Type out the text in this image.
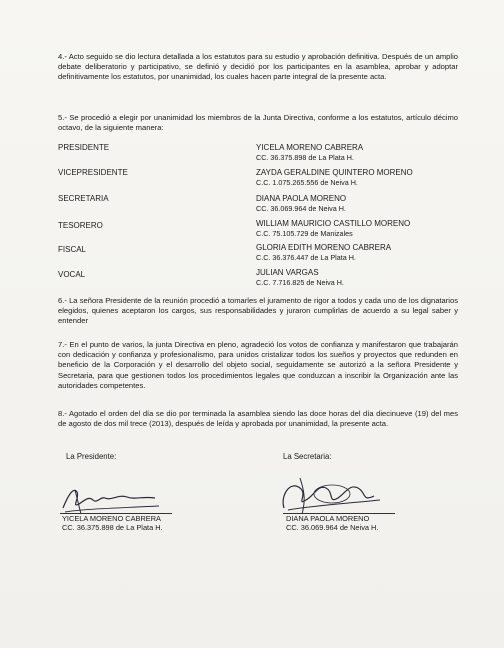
4.- Acto seguido se dio lectura detallada a los estatutos para su estudio y aprobación definitiva. Después de un amplio debate deliberatorio y participativo, se definió y decidió por los participantes en la asamblea, aprobar y adoptar definitivamente los estatutos, por unanimidad, los cuales hacen parte integral de la presente acta.

5.- Se procedió a elegir por unanimidad los miembros de la Junta Directiva, conforme a los estatutos, artículo décimo octavo, de la siguiente manera:

PRESIDENTE	YICELA MORENO CABRERA
CC. 36.375.898 de La Plata H.
VICEPRESIDENTE	ZAYDA GERALDINE QUINTERO MORENO
C.C. 1.075.265.556 de Neiva H.
SECRETARIA	DIANA PAOLA MORENO
CC. 36.069.964 de Neiva H.
TESORERO	WILLIAM MAURICIO CASTILLO MORENO
C.C. 75.105.729 de Manizales
FISCAL	GLORIA EDITH MORENO CABRERA
C.C. 36.376.447 de La Plata H.
VOCAL	JULIAN VARGAS
C.C. 7.716.825 de Neiva H.

6.- La señora Presidente de la reunión procedió a tomarles el juramento de rigor a todos y cada uno de los dignatarios elegidos, quienes aceptaron los cargos, sus responsabilidades y juraron cumplirlas de acuerdo a su legal saber y entender

7.- En el punto de varios, la junta Directiva en pleno, agradeció los votos de confianza y manifestaron que trabajarán con dedicación y confianza y profesionalismo, para unidos cristalizar todos los sueños y proyectos que redunden en beneficio de la Corporación y el desarrollo del objeto social, seguidamente se autorizó a la señora Presidente y Secretaria, para que gestionen todos los procedimientos legales que conduzcan a inscribir la Organización ante las autoridades competentes.

8.- Agotado el orden del día se dio por terminada la asamblea siendo las doce horas del día diecinueve (19) del mes de agosto de dos mil trece (2013), después de leída y aprobada por unanimidad, la presente acta.

La Presidente:	La Secretaria:
YICELA MORENO CABRERA
CC. 36.375.898 de La Plata H.
DIANA PAOLA MORENO
CC. 36.069.964 de Neiva H.
